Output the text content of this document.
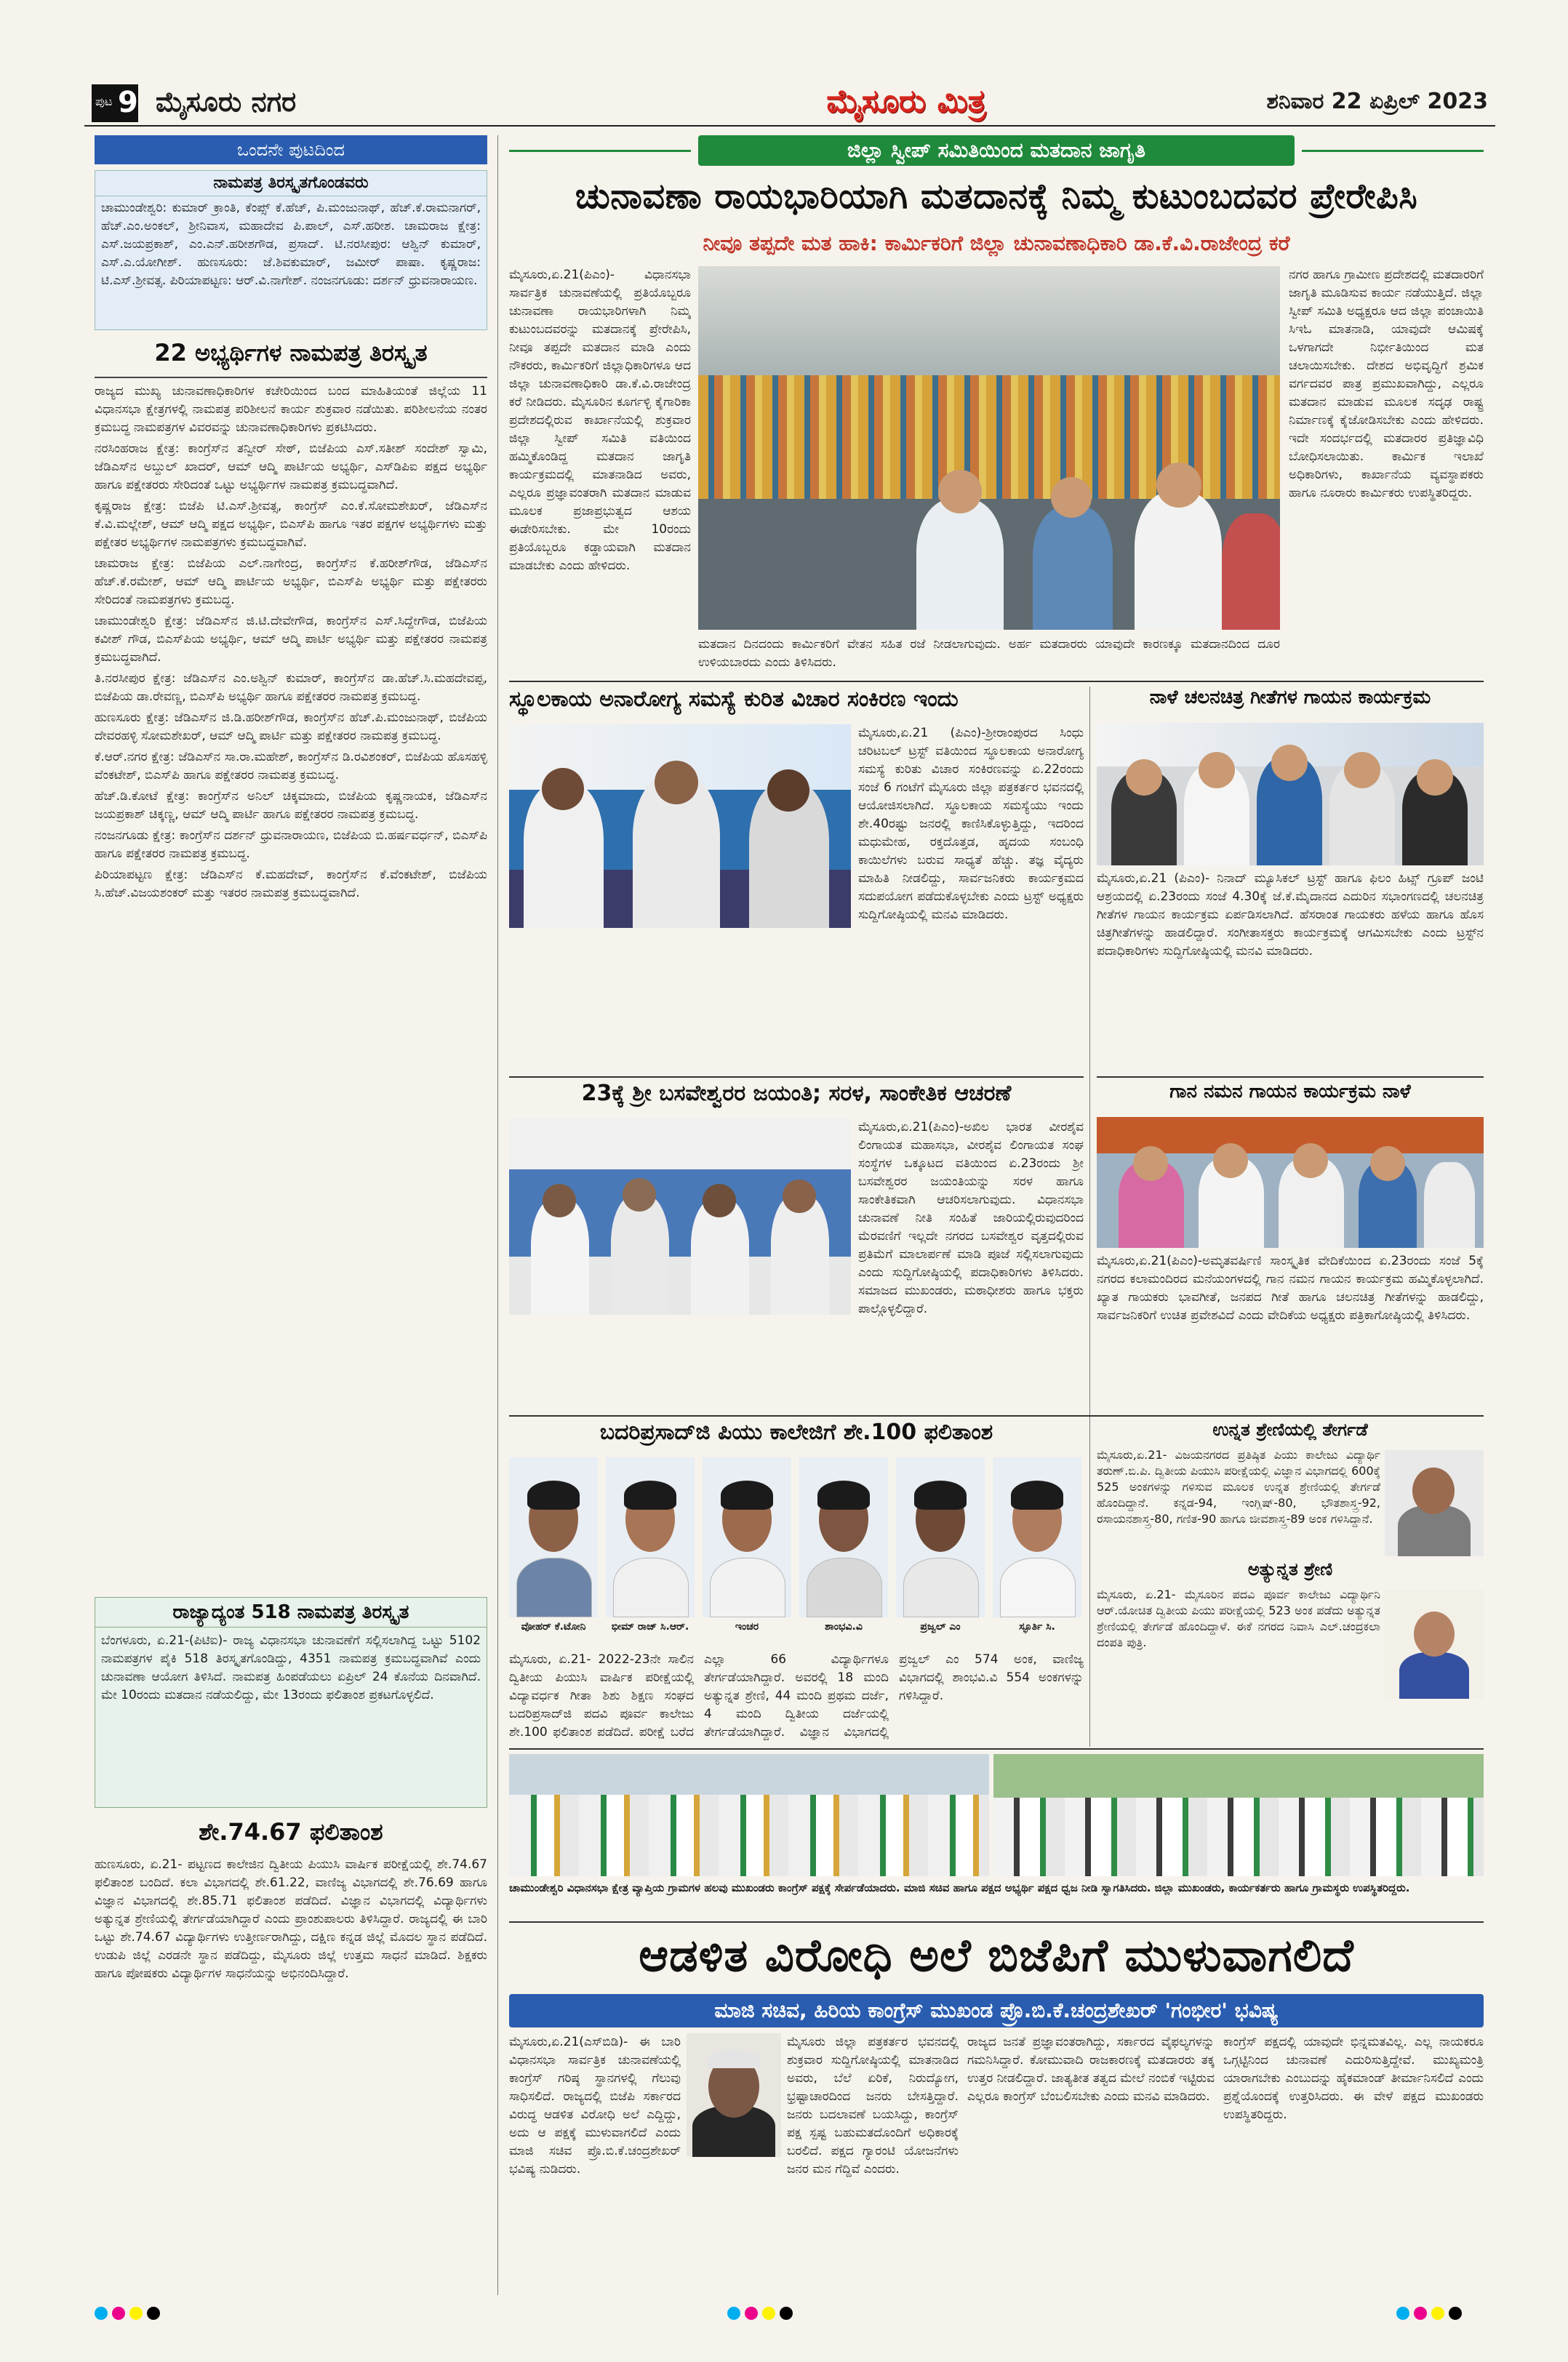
ಪುಟ 9 ಮೈಸೂರು ನಗರ	ಮೈಸೂರು ಮಿತ್ರ	ಶನಿವಾರ 22 ಏಪ್ರಿಲ್ 2023
ಒಂದನೇ ಪುಟದಿಂದ
ನಾಮಪತ್ರ ತಿರಸ್ಕೃತಗೊಂಡವರು
ಚಾಮುಂಡೇಶ್ವರಿ: ಕುಮಾರ್ ಕ್ರಾಂತಿ, ಕೆಂಪ್ಸ್ ಕೆ.ಹೆಚ್, ಪಿ.ಮಂಜುನಾಥ್, ಹೆಚ್.ಕೆ.ರಾಮನಾಗರ್, ಹೆಚ್.ಎಂ.ಅಂಕಲ್, ಶ್ರೀನಿವಾಸ, ಮಹಾದೇವ ಪಿ.ಪಾಲ್, ಎಸ್.ಹರೀಶ. ಚಾಮರಾಜ ಕ್ಷೇತ್ರ: ಎಸ್.ಜಯಪ್ರಕಾಶ್, ಎಂ.ಎನ್.ಹರೀಶಗೌಡ, ಪ್ರಸಾದ್. ಟಿ.ನರಸೀಪುರ: ಆಶ್ವಿನ್ ಕುಮಾರ್, ಎಸ್.ಎ.ಯೋಗೀಶ್. ಹುಣಸೂರು: ಜೆ.ಶಿವಕುಮಾರ್, ಜಮೀರ್ ಪಾಷಾ. ಕೃಷ್ಣರಾಜ: ಟಿ.ಎಸ್.ಶ್ರೀವತ್ಸ. ಪಿರಿಯಾಪಟ್ಟಣ: ಆರ್.ವಿ.ನಾಗೇಶ್. ನಂಜನಗೂಡು: ದರ್ಶನ್ ಧ್ರುವನಾರಾಯಣ.
22 ಅಭ್ಯರ್ಥಿಗಳ ನಾಮಪತ್ರ ತಿರಸ್ಕೃತ

ರಾಜ್ಯದ ಮುಖ್ಯ ಚುನಾವಣಾಧಿಕಾರಿಗಳ ಕಚೇರಿಯಿಂದ ಬಂದ ಮಾಹಿತಿಯಂತೆ ಜಿಲ್ಲೆಯ 11 ವಿಧಾನಸಭಾ ಕ್ಷೇತ್ರಗಳಲ್ಲಿ ನಾಮಪತ್ರ ಪರಿಶೀಲನೆ ಕಾರ್ಯ ಶುಕ್ರವಾರ ನಡೆಯಿತು. ಪರಿಶೀಲನೆಯ ನಂತರ ಕ್ರಮಬದ್ಧ ನಾಮಪತ್ರಗಳ ವಿವರವನ್ನು ಚುನಾವಣಾಧಿಕಾರಿಗಳು ಪ್ರಕಟಿಸಿದರು.

ನರಸಿಂಹರಾಜ ಕ್ಷೇತ್ರ: ಕಾಂಗ್ರೆಸ್‌ನ ತನ್ವೀರ್ ಸೇಠ್, ಬಿಜೆಪಿಯ ಎಸ್.ಸತೀಶ್ ಸಂದೇಶ್ ಸ್ವಾಮಿ, ಜೆಡಿಎಸ್‌ನ ಅಬ್ದುಲ್ ಖಾದರ್, ಆಮ್ ಆದ್ಮಿ ಪಾರ್ಟಿಯ ಅಭ್ಯರ್ಥಿ, ಎಸ್‌ಡಿಪಿಐ ಪಕ್ಷದ ಅಭ್ಯರ್ಥಿ ಹಾಗೂ ಪಕ್ಷೇತರರು ಸೇರಿದಂತೆ ಒಟ್ಟು ಅಭ್ಯರ್ಥಿಗಳ ನಾಮಪತ್ರ ಕ್ರಮಬದ್ಧವಾಗಿದೆ.

ಕೃಷ್ಣರಾಜ ಕ್ಷೇತ್ರ: ಬಿಜೆಪಿ ಟಿ.ಎಸ್.ಶ್ರೀವತ್ಸ, ಕಾಂಗ್ರೆಸ್ ಎಂ.ಕೆ.ಸೋಮಶೇಖರ್, ಜೆಡಿಎಸ್‌ನ ಕೆ.ವಿ.ಮಲ್ಲೇಶ್, ಆಮ್ ಆದ್ಮಿ ಪಕ್ಷದ ಅಭ್ಯರ್ಥಿ, ಬಿಎಸ್‌ಪಿ ಹಾಗೂ ಇತರ ಪಕ್ಷಗಳ ಅಭ್ಯರ್ಥಿಗಳು ಮತ್ತು ಪಕ್ಷೇತರ ಅಭ್ಯರ್ಥಿಗಳ ನಾಮಪತ್ರಗಳು ಕ್ರಮಬದ್ಧವಾಗಿವೆ.

ಚಾಮರಾಜ ಕ್ಷೇತ್ರ: ಬಿಜೆಪಿಯ ಎಲ್.ನಾಗೇಂದ್ರ, ಕಾಂಗ್ರೆಸ್‌ನ ಕೆ.ಹರೀಶ್‌ಗೌಡ, ಜೆಡಿಎಸ್‌ನ ಹೆಚ್.ಕೆ.ರಮೇಶ್, ಆಮ್ ಆದ್ಮಿ ಪಾರ್ಟಿಯ ಅಭ್ಯರ್ಥಿ, ಬಿಎಸ್‌ಪಿ ಅಭ್ಯರ್ಥಿ ಮತ್ತು ಪಕ್ಷೇತರರು ಸೇರಿದಂತೆ ನಾಮಪತ್ರಗಳು ಕ್ರಮಬದ್ಧ.

ಚಾಮುಂಡೇಶ್ವರಿ ಕ್ಷೇತ್ರ: ಜೆಡಿಎಸ್‌ನ ಜಿ.ಟಿ.ದೇವೇಗೌಡ, ಕಾಂಗ್ರೆಸ್‌ನ ಎಸ್.ಸಿದ್ದೇಗೌಡ, ಬಿಜೆಪಿಯ ಕವೀಶ್ ಗೌಡ, ಬಿಎಸ್‌ಪಿಯ ಅಭ್ಯರ್ಥಿ, ಆಮ್ ಆದ್ಮಿ ಪಾರ್ಟಿ ಅಭ್ಯರ್ಥಿ ಮತ್ತು ಪಕ್ಷೇತರರ ನಾಮಪತ್ರ ಕ್ರಮಬದ್ಧವಾಗಿದೆ.

ತಿ.ನರಸೀಪುರ ಕ್ಷೇತ್ರ: ಜೆಡಿಎಸ್‌ನ ಎಂ.ಅಶ್ವಿನ್ ಕುಮಾರ್, ಕಾಂಗ್ರೆಸ್‌ನ ಡಾ.ಹೆಚ್.ಸಿ.ಮಹದೇವಪ್ಪ, ಬಿಜೆಪಿಯ ಡಾ.ರೇವಣ್ಣ, ಬಿಎಸ್‌ಪಿ ಅಭ್ಯರ್ಥಿ ಹಾಗೂ ಪಕ್ಷೇತರರ ನಾಮಪತ್ರ ಕ್ರಮಬದ್ಧ.

ಹುಣಸೂರು ಕ್ಷೇತ್ರ: ಜೆಡಿಎಸ್‌ನ ಜಿ.ಡಿ.ಹರೀಶ್‌ಗೌಡ, ಕಾಂಗ್ರೆಸ್‌ನ ಹೆಚ್.ಪಿ.ಮಂಜುನಾಥ್, ಬಿಜೆಪಿಯ ದೇವರಹಳ್ಳಿ ಸೋಮಶೇಖರ್, ಆಮ್ ಆದ್ಮಿ ಪಾರ್ಟಿ ಮತ್ತು ಪಕ್ಷೇತರರ ನಾಮಪತ್ರ ಕ್ರಮಬದ್ಧ.

ಕೆ.ಆರ್.ನಗರ ಕ್ಷೇತ್ರ: ಜೆಡಿಎಸ್‌ನ ಸಾ.ರಾ.ಮಹೇಶ್, ಕಾಂಗ್ರೆಸ್‌ನ ಡಿ.ರವಿಶಂಕರ್, ಬಿಜೆಪಿಯ ಹೊಸಹಳ್ಳಿ ವೆಂಕಟೇಶ್, ಬಿಎಸ್‌ಪಿ ಹಾಗೂ ಪಕ್ಷೇತರರ ನಾಮಪತ್ರ ಕ್ರಮಬದ್ಧ.

ಹೆಚ್.ಡಿ.ಕೋಟೆ ಕ್ಷೇತ್ರ: ಕಾಂಗ್ರೆಸ್‌ನ ಅನಿಲ್ ಚಿಕ್ಕಮಾದು, ಬಿಜೆಪಿಯ ಕೃಷ್ಣನಾಯಕ, ಜೆಡಿಎಸ್‌ನ ಜಯಪ್ರಕಾಶ್ ಚಿಕ್ಕಣ್ಣ, ಆಮ್ ಆದ್ಮಿ ಪಾರ್ಟಿ ಹಾಗೂ ಪಕ್ಷೇತರರ ನಾಮಪತ್ರ ಕ್ರಮಬದ್ಧ.

ನಂಜನಗೂಡು ಕ್ಷೇತ್ರ: ಕಾಂಗ್ರೆಸ್‌ನ ದರ್ಶನ್ ಧ್ರುವನಾರಾಯಣ, ಬಿಜೆಪಿಯ ಬಿ.ಹರ್ಷವರ್ಧನ್, ಬಿಎಸ್‌ಪಿ ಹಾಗೂ ಪಕ್ಷೇತರರ ನಾಮಪತ್ರ ಕ್ರಮಬದ್ಧ.

ಪಿರಿಯಾಪಟ್ಟಣ ಕ್ಷೇತ್ರ: ಜೆಡಿಎಸ್‌ನ ಕೆ.ಮಹದೇವ್, ಕಾಂಗ್ರೆಸ್‌ನ ಕೆ.ವೆಂಕಟೇಶ್, ಬಿಜೆಪಿಯ ಸಿ.ಹೆಚ್.ವಿಜಯಶಂಕರ್ ಮತ್ತು ಇತರರ ನಾಮಪತ್ರ ಕ್ರಮಬದ್ಧವಾಗಿದೆ.

ರಾಜ್ಯಾದ್ಯಂತ 518 ನಾಮಪತ್ರ ತಿರಸ್ಕೃತ
ಬೆಂಗಳೂರು, ಏ.21-(ಪಿಟಿಐ)- ರಾಜ್ಯ ವಿಧಾನಸಭಾ ಚುನಾವಣೆಗೆ ಸಲ್ಲಿಸಲಾಗಿದ್ದ ಒಟ್ಟು 5102 ನಾಮಪತ್ರಗಳ ಪೈಕಿ 518 ತಿರಸ್ಕೃತಗೊಂಡಿದ್ದು, 4351 ನಾಮಪತ್ರ ಕ್ರಮಬದ್ಧವಾಗಿವೆ ಎಂದು ಚುನಾವಣಾ ಆಯೋಗ ತಿಳಿಸಿದೆ. ನಾಮಪತ್ರ ಹಿಂಪಡೆಯಲು ಏಪ್ರಿಲ್ 24 ಕೊನೆಯ ದಿನವಾಗಿದೆ. ಮೇ 10ರಂದು ಮತದಾನ ನಡೆಯಲಿದ್ದು, ಮೇ 13ರಂದು ಫಲಿತಾಂಶ ಪ್ರಕಟಗೊಳ್ಳಲಿದೆ.
ಶೇ.74.67 ಫಲಿತಾಂಶ
ಹುಣಸೂರು, ಏ.21- ಪಟ್ಟಣದ ಕಾಲೇಜಿನ ದ್ವಿತೀಯ ಪಿಯುಸಿ ವಾರ್ಷಿಕ ಪರೀಕ್ಷೆಯಲ್ಲಿ ಶೇ.74.67 ಫಲಿತಾಂಶ ಬಂದಿದೆ. ಕಲಾ ವಿಭಾಗದಲ್ಲಿ ಶೇ.61.22, ವಾಣಿಜ್ಯ ವಿಭಾಗದಲ್ಲಿ ಶೇ.76.69 ಹಾಗೂ ವಿಜ್ಞಾನ ವಿಭಾಗದಲ್ಲಿ ಶೇ.85.71 ಫಲಿತಾಂಶ ಪಡೆದಿದೆ. ವಿಜ್ಞಾನ ವಿಭಾಗದಲ್ಲಿ ವಿದ್ಯಾರ್ಥಿಗಳು ಅತ್ಯುನ್ನತ ಶ್ರೇಣಿಯಲ್ಲಿ ತೇರ್ಗಡೆಯಾಗಿದ್ದಾರೆ ಎಂದು ಪ್ರಾಂಶುಪಾಲರು ತಿಳಿಸಿದ್ದಾರೆ. ರಾಜ್ಯದಲ್ಲಿ ಈ ಬಾರಿ ಒಟ್ಟು ಶೇ.74.67 ವಿದ್ಯಾರ್ಥಿಗಳು ಉತ್ತೀರ್ಣರಾಗಿದ್ದು, ದಕ್ಷಿಣ ಕನ್ನಡ ಜಿಲ್ಲೆ ಮೊದಲ ಸ್ಥಾನ ಪಡೆದಿದೆ. ಉಡುಪಿ ಜಿಲ್ಲೆ ಎರಡನೇ ಸ್ಥಾನ ಪಡೆದಿದ್ದು, ಮೈಸೂರು ಜಿಲ್ಲೆ ಉತ್ತಮ ಸಾಧನೆ ಮಾಡಿದೆ. ಶಿಕ್ಷಕರು ಹಾಗೂ ಪೋಷಕರು ವಿದ್ಯಾರ್ಥಿಗಳ ಸಾಧನೆಯನ್ನು ಅಭಿನಂದಿಸಿದ್ದಾರೆ.
ಜಿಲ್ಲಾ ಸ್ವೀಪ್ ಸಮಿತಿಯಿಂದ ಮತದಾನ ಜಾಗೃತಿ
ಚುನಾವಣಾ ರಾಯಭಾರಿಯಾಗಿ ಮತದಾನಕ್ಕೆ ನಿಮ್ಮ ಕುಟುಂಬದವರ ಪ್ರೇರೇಪಿಸಿ
ನೀವೂ ತಪ್ಪದೇ ಮತ ಹಾಕಿ: ಕಾರ್ಮಿಕರಿಗೆ ಜಿಲ್ಲಾ ಚುನಾವಣಾಧಿಕಾರಿ ಡಾ.ಕೆ.ವಿ.ರಾಜೇಂದ್ರ ಕರೆ
ಮೈಸೂರು,ಏ.21(ಪಿಎಂ)- ವಿಧಾನಸಭಾ ಸಾರ್ವತ್ರಿಕ ಚುನಾವಣೆಯಲ್ಲಿ ಪ್ರತಿಯೊಬ್ಬರೂ ಚುನಾವಣಾ ರಾಯಭಾರಿಗಳಾಗಿ ನಿಮ್ಮ ಕುಟುಂಬದವರನ್ನು ಮತದಾನಕ್ಕೆ ಪ್ರೇರೇಪಿಸಿ, ನೀವೂ ತಪ್ಪದೇ ಮತದಾನ ಮಾಡಿ ಎಂದು ನೌಕರರು, ಕಾರ್ಮಿಕರಿಗೆ ಜಿಲ್ಲಾಧಿಕಾರಿಗಳೂ ಆದ ಜಿಲ್ಲಾ ಚುನಾವಣಾಧಿಕಾರಿ ಡಾ.ಕೆ.ವಿ.ರಾಜೇಂದ್ರ ಕರೆ ನೀಡಿದರು. ಮೈಸೂರಿನ ಕೂರ್ಗಳ್ಳಿ ಕೈಗಾರಿಕಾ ಪ್ರದೇಶದಲ್ಲಿರುವ ಕಾರ್ಖಾನೆಯಲ್ಲಿ ಶುಕ್ರವಾರ ಜಿಲ್ಲಾ ಸ್ವೀಪ್ ಸಮಿತಿ ವತಿಯಿಂದ ಹಮ್ಮಿಕೊಂಡಿದ್ದ ಮತದಾನ ಜಾಗೃತಿ ಕಾರ್ಯಕ್ರಮದಲ್ಲಿ ಮಾತನಾಡಿದ ಅವರು, ಎಲ್ಲರೂ ಪ್ರಜ್ಞಾವಂತರಾಗಿ ಮತದಾನ ಮಾಡುವ ಮೂಲಕ ಪ್ರಜಾಪ್ರಭುತ್ವದ ಆಶಯ ಈಡೇರಿಸಬೇಕು. ಮೇ 10ರಂದು ಪ್ರತಿಯೊಬ್ಬರೂ ಕಡ್ಡಾಯವಾಗಿ ಮತದಾನ ಮಾಡಬೇಕು ಎಂದು ಹೇಳಿದರು.
ನಗರ ಹಾಗೂ ಗ್ರಾಮೀಣ ಪ್ರದೇಶದಲ್ಲಿ ಮತದಾರರಿಗೆ ಜಾಗೃತಿ ಮೂಡಿಸುವ ಕಾರ್ಯ ನಡೆಯುತ್ತಿದೆ. ಜಿಲ್ಲಾ ಸ್ವೀಪ್ ಸಮಿತಿ ಅಧ್ಯಕ್ಷರೂ ಆದ ಜಿಲ್ಲಾ ಪಂಚಾಯಿತಿ ಸಿಇಓ ಮಾತನಾಡಿ, ಯಾವುದೇ ಆಮಿಷಕ್ಕೆ ಒಳಗಾಗದೇ ನಿರ್ಭೀತಿಯಿಂದ ಮತ ಚಲಾಯಿಸಬೇಕು. ದೇಶದ ಅಭಿವೃದ್ಧಿಗೆ ಶ್ರಮಿಕ ವರ್ಗದವರ ಪಾತ್ರ ಪ್ರಮುಖವಾಗಿದ್ದು, ಎಲ್ಲರೂ ಮತದಾನ ಮಾಡುವ ಮೂಲಕ ಸದೃಢ ರಾಷ್ಟ್ರ ನಿರ್ಮಾಣಕ್ಕೆ ಕೈಜೋಡಿಸಬೇಕು ಎಂದು ಹೇಳಿದರು. ಇದೇ ಸಂದರ್ಭದಲ್ಲಿ ಮತದಾರರ ಪ್ರತಿಜ್ಞಾವಿಧಿ ಬೋಧಿಸಲಾಯಿತು. ಕಾರ್ಮಿಕ ಇಲಾಖೆ ಅಧಿಕಾರಿಗಳು, ಕಾರ್ಖಾನೆಯ ವ್ಯವಸ್ಥಾಪಕರು ಹಾಗೂ ನೂರಾರು ಕಾರ್ಮಿಕರು ಉಪಸ್ಥಿತರಿದ್ದರು.
ಮತದಾನ ದಿನದಂದು ಕಾರ್ಮಿಕರಿಗೆ ವೇತನ ಸಹಿತ ರಜೆ ನೀಡಲಾಗುವುದು. ಅರ್ಹ ಮತದಾರರು ಯಾವುದೇ ಕಾರಣಕ್ಕೂ ಮತದಾನದಿಂದ ದೂರ ಉಳಿಯಬಾರದು ಎಂದು ತಿಳಿಸಿದರು.
ಸ್ಥೂಲಕಾಯ ಅನಾರೋಗ್ಯ ಸಮಸ್ಯೆ ಕುರಿತ ವಿಚಾರ ಸಂಕಿರಣ ಇಂದು
ಮೈಸೂರು,ಏ.21 (ಪಿಎಂ)-ಶ್ರೀರಾಂಪುರದ ಸಿಂಧು ಚರಿಟಬಲ್ ಟ್ರಸ್ಟ್ ವತಿಯಿಂದ ಸ್ಥೂಲಕಾಯ ಅನಾರೋಗ್ಯ ಸಮಸ್ಯೆ ಕುರಿತು ವಿಚಾರ ಸಂಕಿರಣವನ್ನು ಏ.22ರಂದು ಸಂಜೆ 6 ಗಂಟೆಗೆ ಮೈಸೂರು ಜಿಲ್ಲಾ ಪತ್ರಕರ್ತರ ಭವನದಲ್ಲಿ ಆಯೋಜಿಸಲಾಗಿದೆ. ಸ್ಥೂಲಕಾಯ ಸಮಸ್ಯೆಯು ಇಂದು ಶೇ.40ರಷ್ಟು ಜನರಲ್ಲಿ ಕಾಣಿಸಿಕೊಳ್ಳುತ್ತಿದ್ದು, ಇದರಿಂದ ಮಧುಮೇಹ, ರಕ್ತದೊತ್ತಡ, ಹೃದಯ ಸಂಬಂಧಿ ಕಾಯಿಲೆಗಳು ಬರುವ ಸಾಧ್ಯತೆ ಹೆಚ್ಚು. ತಜ್ಞ ವೈದ್ಯರು ಮಾಹಿತಿ ನೀಡಲಿದ್ದು, ಸಾರ್ವಜನಿಕರು ಕಾರ್ಯಕ್ರಮದ ಸದುಪಯೋಗ ಪಡೆದುಕೊಳ್ಳಬೇಕು ಎಂದು ಟ್ರಸ್ಟ್ ಅಧ್ಯಕ್ಷರು ಸುದ್ದಿಗೋಷ್ಠಿಯಲ್ಲಿ ಮನವಿ ಮಾಡಿದರು.
23ಕ್ಕೆ ಶ್ರೀ ಬಸವೇಶ್ವರರ ಜಯಂತಿ; ಸರಳ, ಸಾಂಕೇತಿಕ ಆಚರಣೆ
ಮೈಸೂರು,ಏ.21(ಪಿಎಂ)-ಅಖಿಲ ಭಾರತ ವೀರಶೈವ ಲಿಂಗಾಯತ ಮಹಾಸಭಾ, ವೀರಶೈವ ಲಿಂಗಾಯತ ಸಂಘ ಸಂಸ್ಥೆಗಳ ಒಕ್ಕೂಟದ ವತಿಯಿಂದ ಏ.23ರಂದು ಶ್ರೀ ಬಸವೇಶ್ವರರ ಜಯಂತಿಯನ್ನು ಸರಳ ಹಾಗೂ ಸಾಂಕೇತಿಕವಾಗಿ ಆಚರಿಸಲಾಗುವುದು. ವಿಧಾನಸಭಾ ಚುನಾವಣೆ ನೀತಿ ಸಂಹಿತೆ ಜಾರಿಯಲ್ಲಿರುವುದರಿಂದ ಮೆರವಣಿಗೆ ಇಲ್ಲದೇ ನಗರದ ಬಸವೇಶ್ವರ ವೃತ್ತದಲ್ಲಿರುವ ಪ್ರತಿಮೆಗೆ ಮಾಲಾರ್ಪಣೆ ಮಾಡಿ ಪೂಜೆ ಸಲ್ಲಿಸಲಾಗುವುದು ಎಂದು ಸುದ್ದಿಗೋಷ್ಠಿಯಲ್ಲಿ ಪದಾಧಿಕಾರಿಗಳು ತಿಳಿಸಿದರು. ಸಮಾಜದ ಮುಖಂಡರು, ಮಠಾಧೀಶರು ಹಾಗೂ ಭಕ್ತರು ಪಾಲ್ಗೊಳ್ಳಲಿದ್ದಾರೆ.
ನಾಳೆ ಚಲನಚಿತ್ರ ಗೀತೆಗಳ ಗಾಯನ ಕಾರ್ಯಕ್ರಮ
ಮೈಸೂರು,ಏ.21 (ಪಿಎಂ)- ನಿನಾದ್ ಮ್ಯೂಸಿಕಲ್ ಟ್ರಸ್ಟ್ ಹಾಗೂ ಫಿಲಂ ಹಿಟ್ಸ್ ಗ್ರೂಪ್ ಜಂಟಿ ಆಶ್ರಯದಲ್ಲಿ ಏ.23ರಂದು ಸಂಜೆ 4.30ಕ್ಕೆ ಜೆ.ಕೆ.ಮೈದಾನದ ಎದುರಿನ ಸಭಾಂಗಣದಲ್ಲಿ ಚಲನಚಿತ್ರ ಗೀತೆಗಳ ಗಾಯನ ಕಾರ್ಯಕ್ರಮ ಏರ್ಪಡಿಸಲಾಗಿದೆ. ಹೆಸರಾಂತ ಗಾಯಕರು ಹಳೆಯ ಹಾಗೂ ಹೊಸ ಚಿತ್ರಗೀತೆಗಳನ್ನು ಹಾಡಲಿದ್ದಾರೆ. ಸಂಗೀತಾಸಕ್ತರು ಕಾರ್ಯಕ್ರಮಕ್ಕೆ ಆಗಮಿಸಬೇಕು ಎಂದು ಟ್ರಸ್ಟ್‌ನ ಪದಾಧಿಕಾರಿಗಳು ಸುದ್ದಿಗೋಷ್ಠಿಯಲ್ಲಿ ಮನವಿ ಮಾಡಿದರು.
ಗಾನ ನಮನ ಗಾಯನ ಕಾರ್ಯಕ್ರಮ ನಾಳೆ
ಮೈಸೂರು,ಏ.21(ಪಿಎಂ)-ಅಮೃತವರ್ಷಿಣಿ ಸಾಂಸ್ಕೃತಿಕ ವೇದಿಕೆಯಿಂದ ಏ.23ರಂದು ಸಂಜೆ 5ಕ್ಕೆ ನಗರದ ಕಲಾಮಂದಿರದ ಮನೆಯಂಗಳದಲ್ಲಿ ಗಾನ ನಮನ ಗಾಯನ ಕಾರ್ಯಕ್ರಮ ಹಮ್ಮಿಕೊಳ್ಳಲಾಗಿದೆ. ಖ್ಯಾತ ಗಾಯಕರು ಭಾವಗೀತೆ, ಜನಪದ ಗೀತೆ ಹಾಗೂ ಚಲನಚಿತ್ರ ಗೀತೆಗಳನ್ನು ಹಾಡಲಿದ್ದು, ಸಾರ್ವಜನಿಕರಿಗೆ ಉಚಿತ ಪ್ರವೇಶವಿದೆ ಎಂದು ವೇದಿಕೆಯ ಅಧ್ಯಕ್ಷರು ಪತ್ರಿಕಾಗೋಷ್ಠಿಯಲ್ಲಿ ತಿಳಿಸಿದರು.
ಬದರಿಪ್ರಸಾದ್‌ಜಿ ಪಿಯು ಕಾಲೇಜಿಗೆ ಶೇ.100 ಫಲಿತಾಂಶ
ವೋಹರ್ ಕೆ.ಟೋನಿ	ಭೀಮ್ ರಾಜ್ ಸಿ.ಆರ್.	ಇಂಚರ	ಶಾಂಭವಿ.ವಿ	ಪ್ರಜ್ವಲ್ ಎಂ	ಸ್ಫೂರ್ತಿ ಸಿ.
ಮೈಸೂರು, ಏ.21- 2022-23ನೇ ಸಾಲಿನ ದ್ವಿತೀಯ ಪಿಯುಸಿ ವಾರ್ಷಿಕ ಪರೀಕ್ಷೆಯಲ್ಲಿ ವಿದ್ಯಾವರ್ಧಕ ಗೀತಾ ಶಿಶು ಶಿಕ್ಷಣ ಸಂಘದ ಬದರಿಪ್ರಸಾದ್‌ಜಿ ಪದವಿ ಪೂರ್ವ ಕಾಲೇಜು ಶೇ.100 ಫಲಿತಾಂಶ ಪಡೆದಿದೆ. ಪರೀಕ್ಷೆ ಬರೆದ ಎಲ್ಲಾ 66 ವಿದ್ಯಾರ್ಥಿಗಳೂ ತೇರ್ಗಡೆಯಾಗಿದ್ದಾರೆ. ಅವರಲ್ಲಿ 18 ಮಂದಿ ಅತ್ಯುನ್ನತ ಶ್ರೇಣಿ, 44 ಮಂದಿ ಪ್ರಥಮ ದರ್ಜೆ, 4 ಮಂದಿ ದ್ವಿತೀಯ ದರ್ಜೆಯಲ್ಲಿ ತೇರ್ಗಡೆಯಾಗಿದ್ದಾರೆ. ವಿಜ್ಞಾನ ವಿಭಾಗದಲ್ಲಿ ಪ್ರಜ್ವಲ್ ಎಂ 574 ಅಂಕ, ವಾಣಿಜ್ಯ ವಿಭಾಗದಲ್ಲಿ ಶಾಂಭವಿ.ವಿ 554 ಅಂಕಗಳನ್ನು ಗಳಿಸಿದ್ದಾರೆ.
ಉನ್ನತ ಶ್ರೇಣಿಯಲ್ಲಿ ತೇರ್ಗಡೆ
ಮೈಸೂರು,ಏ.21- ವಿಜಯನಗರದ ಪ್ರತಿಷ್ಠಿತ ಪಿಯು ಕಾಲೇಜು ವಿದ್ಯಾರ್ಥಿ ತರುಣ್.ಬಿ.ಪಿ. ದ್ವಿತೀಯ ಪಿಯುಸಿ ಪರೀಕ್ಷೆಯಲ್ಲಿ ವಿಜ್ಞಾನ ವಿಭಾಗದಲ್ಲಿ 600ಕ್ಕೆ 525 ಅಂಕಗಳನ್ನು ಗಳಿಸುವ ಮೂಲಕ ಉನ್ನತ ಶ್ರೇಣಿಯಲ್ಲಿ ತೇರ್ಗಡೆ ಹೊಂದಿದ್ದಾನೆ. ಕನ್ನಡ-94, ಇಂಗ್ಲಿಷ್-80, ಭೌತಶಾಸ್ತ್ರ-92, ರಸಾಯನಶಾಸ್ತ್ರ-80, ಗಣಿತ-90 ಹಾಗೂ ಜೀವಶಾಸ್ತ್ರ-89 ಅಂಕ ಗಳಿಸಿದ್ದಾನೆ.
ಅತ್ಯುನ್ನತ ಶ್ರೇಣಿ
ಮೈಸೂರು, ಏ.21- ಮೈಸೂರಿನ ಪದವಿ ಪೂರ್ವ ಕಾಲೇಜು ವಿದ್ಯಾರ್ಥಿನಿ ಆರ್.ಯೋಚಿತ ದ್ವಿತೀಯ ಪಿಯು ಪರೀಕ್ಷೆಯಲ್ಲಿ 523 ಅಂಕ ಪಡೆದು ಅತ್ಯುನ್ನತ ಶ್ರೇಣಿಯಲ್ಲಿ ತೇರ್ಗಡೆ ಹೊಂದಿದ್ದಾಳೆ. ಈಕೆ ನಗರದ ನಿವಾಸಿ ಎಲ್.ಚಂದ್ರಕಲಾ ದಂಪತಿ ಪುತ್ರಿ.
ಚಾಮುಂಡೇಶ್ವರಿ ವಿಧಾನಸಭಾ ಕ್ಷೇತ್ರ ವ್ಯಾಪ್ತಿಯ ಗ್ರಾಮಗಳ ಹಲವು ಮುಖಂಡರು ಕಾಂಗ್ರೆಸ್ ಪಕ್ಷಕ್ಕೆ ಸೇರ್ಪಡೆಯಾದರು. ಮಾಜಿ ಸಚಿವ ಹಾಗೂ ಪಕ್ಷದ ಅಭ್ಯರ್ಥಿ ಪಕ್ಷದ ಧ್ವಜ ನೀಡಿ ಸ್ವಾಗತಿಸಿದರು. ಜಿಲ್ಲಾ ಮುಖಂಡರು, ಕಾರ್ಯಕರ್ತರು ಹಾಗೂ ಗ್ರಾಮಸ್ಥರು ಉಪಸ್ಥಿತರಿದ್ದರು.
ಆಡಳಿತ ವಿರೋಧಿ ಅಲೆ ಬಿಜೆಪಿಗೆ ಮುಳುವಾಗಲಿದೆ
ಮಾಜಿ ಸಚಿವ, ಹಿರಿಯ ಕಾಂಗ್ರೆಸ್ ಮುಖಂಡ ಪ್ರೊ.ಬಿ.ಕೆ.ಚಂದ್ರಶೇಖರ್ 'ಗಂಭೀರ' ಭವಿಷ್ಯ
ಮೈಸೂರು,ಏ.21(ಎಸ್‌ಬಿಡಿ)- ಈ ಬಾರಿ ವಿಧಾನಸಭಾ ಸಾರ್ವತ್ರಿಕ ಚುನಾವಣೆಯಲ್ಲಿ ಕಾಂಗ್ರೆಸ್ ಗರಿಷ್ಠ ಸ್ಥಾನಗಳಲ್ಲಿ ಗೆಲುವು ಸಾಧಿಸಲಿದೆ. ರಾಜ್ಯದಲ್ಲಿ ಬಿಜೆಪಿ ಸರ್ಕಾರದ ವಿರುದ್ಧ ಆಡಳಿತ ವಿರೋಧಿ ಅಲೆ ಎದ್ದಿದ್ದು, ಅದು ಆ ಪಕ್ಷಕ್ಕೆ ಮುಳುವಾಗಲಿದೆ ಎಂದು ಮಾಜಿ ಸಚಿವ ಪ್ರೊ.ಬಿ.ಕೆ.ಚಂದ್ರಶೇಖರ್ ಭವಿಷ್ಯ ನುಡಿದರು.
ಮೈಸೂರು ಜಿಲ್ಲಾ ಪತ್ರಕರ್ತರ ಭವನದಲ್ಲಿ ಶುಕ್ರವಾರ ಸುದ್ದಿಗೋಷ್ಠಿಯಲ್ಲಿ ಮಾತನಾಡಿದ ಅವರು, ಬೆಲೆ ಏರಿಕೆ, ನಿರುದ್ಯೋಗ, ಭ್ರಷ್ಟಾಚಾರದಿಂದ ಜನರು ಬೇಸತ್ತಿದ್ದಾರೆ. ಜನರು ಬದಲಾವಣೆ ಬಯಸಿದ್ದು, ಕಾಂಗ್ರೆಸ್ ಪಕ್ಷ ಸ್ಪಷ್ಟ ಬಹುಮತದೊಂದಿಗೆ ಅಧಿಕಾರಕ್ಕೆ ಬರಲಿದೆ. ಪಕ್ಷದ ಗ್ಯಾರಂಟಿ ಯೋಜನೆಗಳು ಜನರ ಮನ ಗೆದ್ದಿವೆ ಎಂದರು.
ರಾಜ್ಯದ ಜನತೆ ಪ್ರಜ್ಞಾವಂತರಾಗಿದ್ದು, ಸರ್ಕಾರದ ವೈಫಲ್ಯಗಳನ್ನು ಗಮನಿಸಿದ್ದಾರೆ. ಕೋಮುವಾದಿ ರಾಜಕಾರಣಕ್ಕೆ ಮತದಾರರು ತಕ್ಕ ಉತ್ತರ ನೀಡಲಿದ್ದಾರೆ. ಜಾತ್ಯತೀತ ತತ್ವದ ಮೇಲೆ ನಂಬಿಕೆ ಇಟ್ಟಿರುವ ಎಲ್ಲರೂ ಕಾಂಗ್ರೆಸ್ ಬೆಂಬಲಿಸಬೇಕು ಎಂದು ಮನವಿ ಮಾಡಿದರು.
ಕಾಂಗ್ರೆಸ್ ಪಕ್ಷದಲ್ಲಿ ಯಾವುದೇ ಭಿನ್ನಮತವಿಲ್ಲ. ಎಲ್ಲ ನಾಯಕರೂ ಒಗ್ಗಟ್ಟಿನಿಂದ ಚುನಾವಣೆ ಎದುರಿಸುತ್ತಿದ್ದೇವೆ. ಮುಖ್ಯಮಂತ್ರಿ ಯಾರಾಗಬೇಕು ಎಂಬುದನ್ನು ಹೈಕಮಾಂಡ್ ತೀರ್ಮಾನಿಸಲಿದೆ ಎಂದು ಪ್ರಶ್ನೆಯೊಂದಕ್ಕೆ ಉತ್ತರಿಸಿದರು. ಈ ವೇಳೆ ಪಕ್ಷದ ಮುಖಂಡರು ಉಪಸ್ಥಿತರಿದ್ದರು.
